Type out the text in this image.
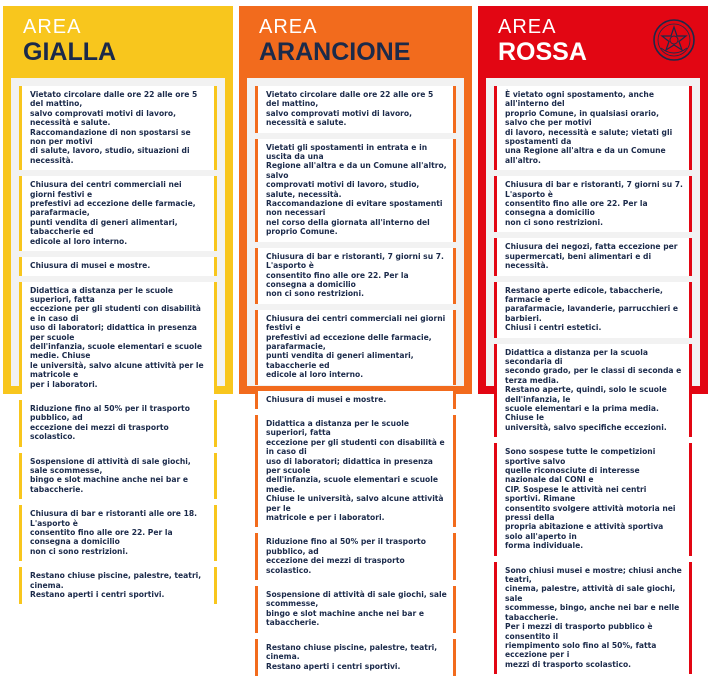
AREA
GIALLA
Vietato circolare dalle ore 22 alle ore 5 del mattino,
salvo comprovati motivi di lavoro, necessità e salute.
Raccomandazione di non spostarsi se non per motivi
di salute, lavoro, studio, situazioni di necessità.
Chiusura dei centri commerciali nei giorni festivi e
prefestivi ad eccezione delle farmacie, parafarmacie,
punti vendita di generi alimentari, tabaccherie ed
edicole al loro interno.
Chiusura di musei e mostre.
Didattica a distanza per le scuole superiori, fatta
eccezione per gli studenti con disabilità e in caso di
uso di laboratori; didattica in presenza per scuole
dell'infanzia, scuole elementari e scuole medie. Chiuse
le università, salvo alcune attività per le matricole e
per i laboratori.
Riduzione fino al 50% per il trasporto pubblico, ad
eccezione dei mezzi di trasporto scolastico.
Sospensione di attività di sale giochi, sale scommesse,
bingo e slot machine anche nei bar e tabaccherie.
Chiusura di bar e ristoranti alle ore 18. L'asporto è
consentito fino alle ore 22. Per la consegna a domicilio
non ci sono restrizioni.
Restano chiuse piscine, palestre, teatri, cinema.
Restano aperti i centri sportivi.
AREA
ARANCIONE
Vietato circolare dalle ore 22 alle ore 5 del mattino,
salvo comprovati motivi di lavoro, necessità e salute.
Vietati gli spostamenti in entrata e in uscita da una
Regione all'altra e da un Comune all'altro, salvo
comprovati motivi di lavoro, studio, salute, necessità.
Raccomandazione di evitare spostamenti non necessari
nel corso della giornata all'interno del proprio Comune.
Chiusura di bar e ristoranti, 7 giorni su 7. L'asporto è
consentito fino alle ore 22. Per la consegna a domicilio
non ci sono restrizioni.
Chiusura dei centri commerciali nei giorni festivi e
prefestivi ad eccezione delle farmacie, parafarmacie,
punti vendita di generi alimentari, tabaccherie ed
edicole al loro interno.
Chiusura di musei e mostre.
Didattica a distanza per le scuole superiori, fatta
eccezione per gli studenti con disabilità e in caso di
uso di laboratori; didattica in presenza per scuole
dell'infanzia, scuole elementari e scuole medie.
Chiuse le università, salvo alcune attività per le
matricole e per i laboratori.
Riduzione fino al 50% per il trasporto pubblico, ad
eccezione dei mezzi di trasporto scolastico.
Sospensione di attività di sale giochi, sale scommesse,
bingo e slot machine anche nei bar e tabaccherie.
Restano chiuse piscine, palestre, teatri, cinema.
Restano aperti i centri sportivi.
AREA
ROSSA
È vietato ogni spostamento, anche all'interno del
proprio Comune, in qualsiasi orario, salvo che per motivi
di lavoro, necessità e salute; vietati gli spostamenti da
una Regione all'altra e da un Comune all'altro.
Chiusura di bar e ristoranti, 7 giorni su 7. L'asporto è
consentito fino alle ore 22. Per la consegna a domicilio
non ci sono restrizioni.
Chiusura dei negozi, fatta eccezione per
supermercati, beni alimentari e di necessità.
Restano aperte edicole, tabaccherie, farmacie e
parafarmacie, lavanderie, parrucchieri e barbieri.
Chiusi i centri estetici.
Didattica a distanza per la scuola secondaria di
secondo grado, per le classi di seconda e terza media.
Restano aperte, quindi, solo le scuole dell'infanzia, le
scuole elementari e la prima media. Chiuse le
università, salvo specifiche eccezioni.
Sono sospese tutte le competizioni sportive salvo
quelle riconosciute di interesse nazionale dal CONI e
CIP. Sospese le attività nei centri sportivi. Rimane
consentito svolgere attività motoria nei pressi della
propria abitazione e attività sportiva solo all'aperto in
forma individuale.
Sono chiusi musei e mostre; chiusi anche teatri,
cinema, palestre, attività di sale giochi, sale
scommesse, bingo, anche nei bar e nelle tabaccherie.
Per i mezzi di trasporto pubblico è consentito il
riempimento solo fino al 50%, fatta eccezione per i
mezzi di trasporto scolastico.
